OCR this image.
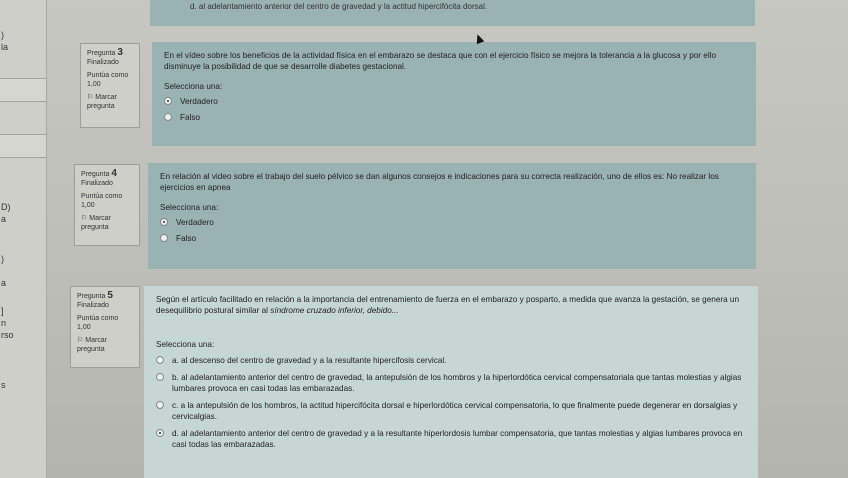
)
la
D)
a
)
a
]
n
rso
s
d. al adelantamiento anterior del centro de gravedad y la actitud hipercifócita dorsal.
Pregunta 3
Finalizado
Puntúa como
1,00
⚐ Marcar pregunta

En el vídeo sobre los beneficios de la actividad física en el embarazo se destaca que con el ejercicio físico se mejora la tolerancia a la glucosa y por ello disminuye la posibilidad de que se desarrolle diabetes gestacional.

Selecciona una:
Verdadero
Falso
Pregunta 4
Finalizado
Puntúa como
1,00
⚐ Marcar pregunta

En relación al video sobre el trabajo del suelo pélvico se dan algunos consejos e indicaciones para su correcta realización, uno de ellos es: No realizar los ejercicios en apnea

Selecciona una:
Verdadero
Falso
Pregunta 5
Finalizado
Puntúa como
1,00
⚐ Marcar pregunta

Según el artículo facilitado en relación a la importancia del entrenamiento de fuerza en el embarazo y posparto, a medida que avanza la gestación, se genera un desequilibrio postural similar al síndrome cruzado inferior, debido...

Selecciona una:
a. al descenso del centro de gravedad y a la resultante hipercifosis cervical.
b. al adelantamiento anterior del centro de gravedad, la antepulsión de los hombros y la hiperlordótica cervical compensatoriala que tantas molestias y algias lumbares provoca en casi todas las embarazadas.
c. a la antepulsión de los hombros, la actitud hipercifócita dorsal e hiperlordótica cervical compensatoria, lo que finalmente puede degenerar en dorsalgias y cervicalgias.
d. al adelantamiento anterior del centro de gravedad y a la resultante hiperlordosis lumbar compensatoria, que tantas molestias y algias lumbares provoca en casi todas las embarazadas.
